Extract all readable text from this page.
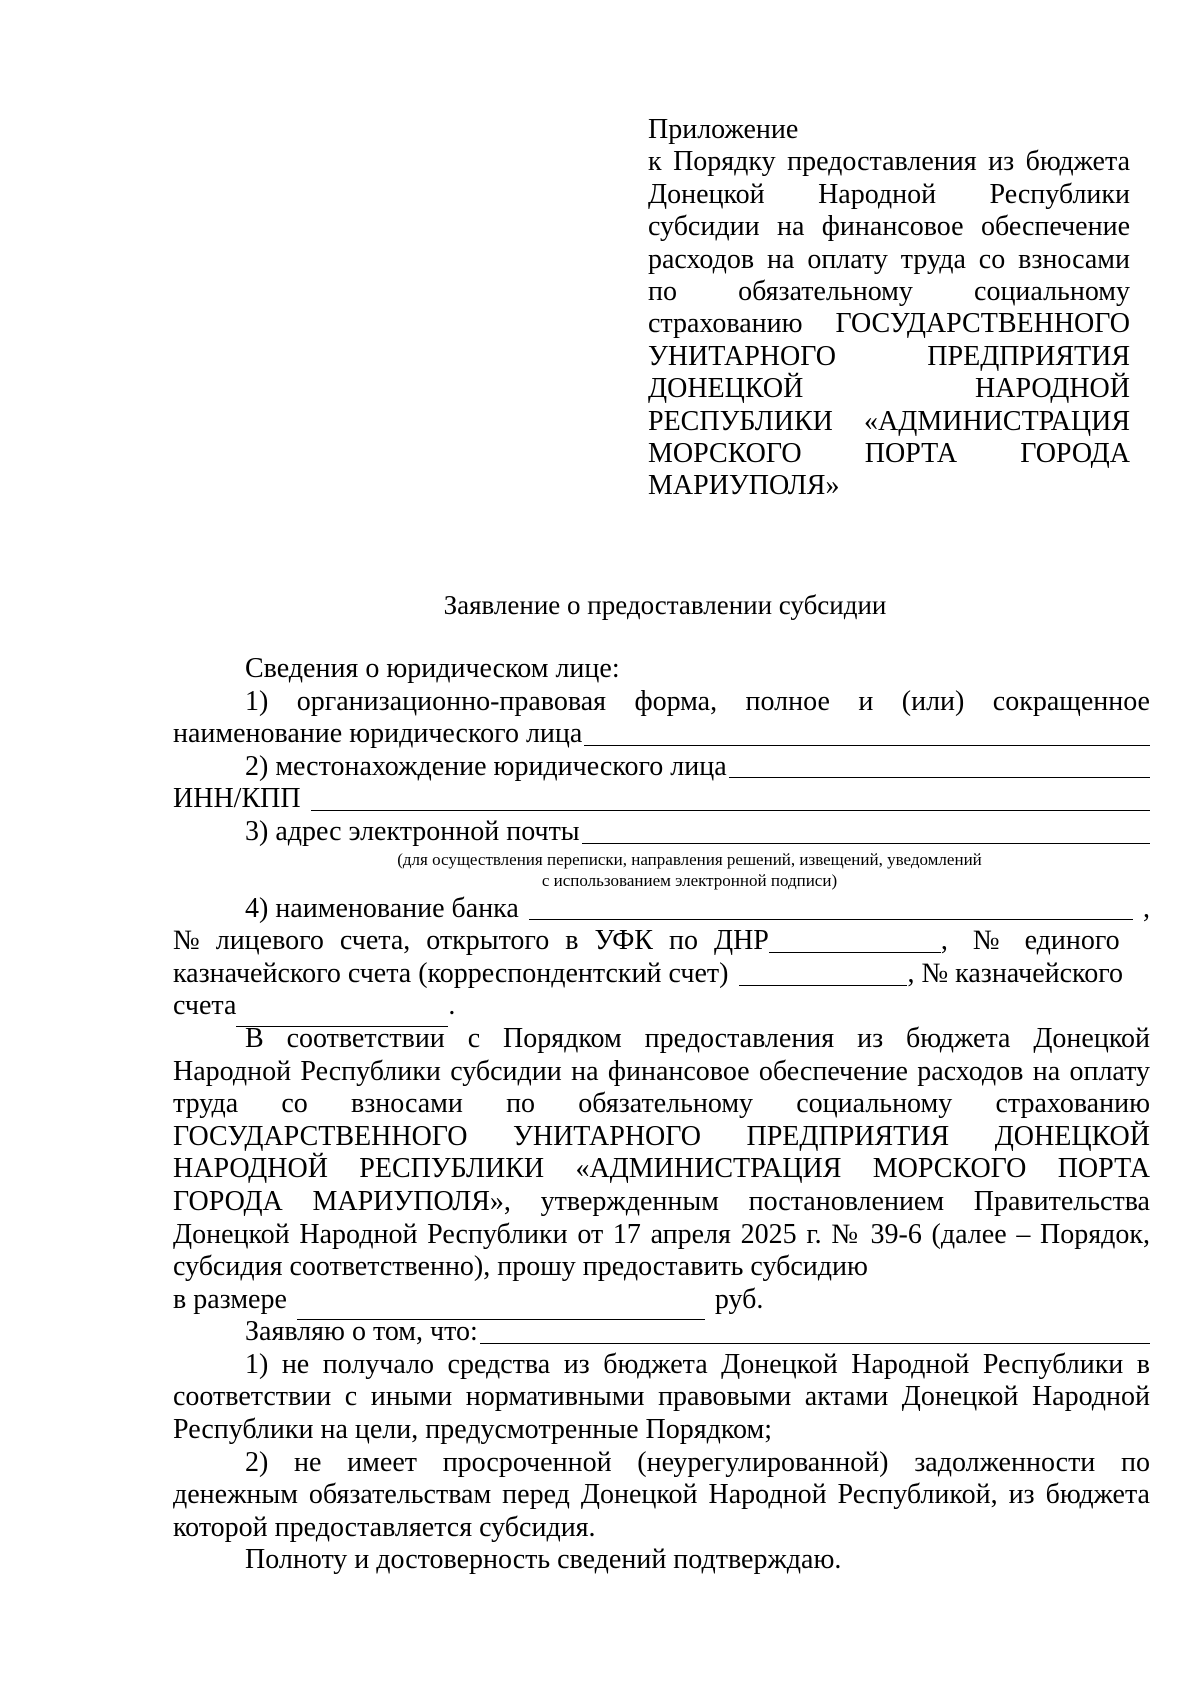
Приложение
к Порядку предоставления из бюджета Донецкой Народной Республики субсидии на финансовое обеспечение расходов на оплату труда со взносами по обязательному социальному страхованию ГОСУДАРСТВЕННОГО УНИТАРНОГО ПРЕДПРИЯТИЯ ДОНЕЦКОЙ НАРОДНОЙ РЕСПУБЛИКИ «АДМИНИСТРАЦИЯ МОРСКОГО ПОРТА ГОРОДА МАРИУПОЛЯ»
Заявление о предоставлении субсидии

Сведения о юридическом лице:

1) организационно-правовая форма, полное и (или) сокращенное
наименование юридического лица
2) местонахождение юридического лица
ИНН/КПП
3) адрес электронной почты
(для осуществления переписки, направления решений, извещений, уведомлений
с использованием электронной подписи)
4) наименование банка	,
№ лицевого счета, открытого в УФК по ДНР	, № единого
казначейского счета (корреспондентский счет)	, № казначейского
счета	.

В соответствии с Порядком предоставления из бюджета Донецкой Народной Республики субсидии на финансовое обеспечение расходов на оплату труда со взносами по обязательному социальному страхованию ГОСУДАРСТВЕННОГО УНИТАРНОГО ПРЕДПРИЯТИЯ ДОНЕЦКОЙ НАРОДНОЙ РЕСПУБЛИКИ «АДМИНИСТРАЦИЯ МОРСКОГО ПОРТА ГОРОДА МАРИУПОЛЯ», утвержденным постановлением Правительства Донецкой Народной Республики от 17 апреля 2025 г. № 39-6 (далее – Порядок, субсидия соответственно), прошу предоставить субсидию

в размере	руб.
Заявляю о том, что:

1) не получало средства из бюджета Донецкой Народной Республики в соответствии с иными нормативными правовыми актами Донецкой Народной Республики на цели, предусмотренные Порядком;

2) не имеет просроченной (неурегулированной) задолженности по денежным обязательствам перед Донецкой Народной Республикой, из бюджета которой предоставляется субсидия.

Полноту и достоверность сведений подтверждаю.
